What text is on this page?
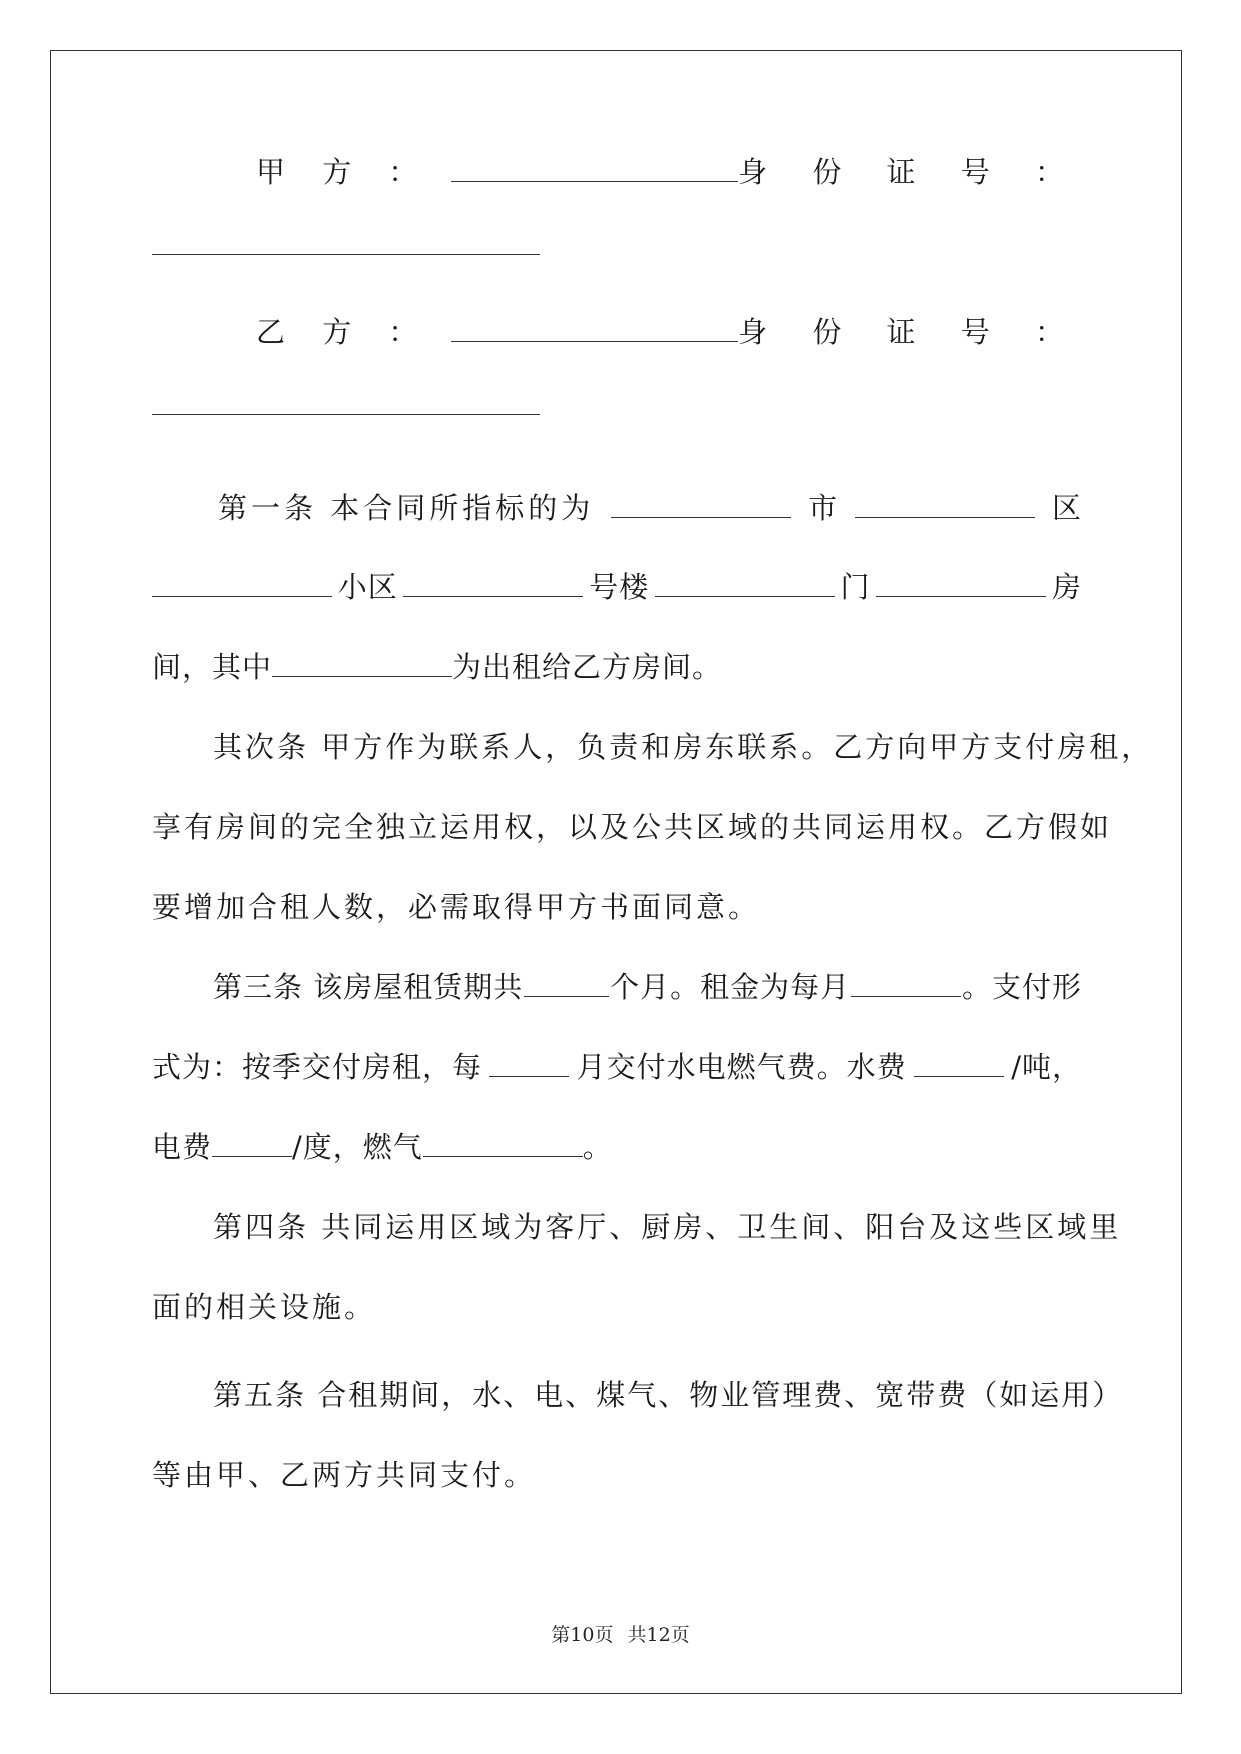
甲 方 ：	身 份 证 号 ：
乙 方 ：	身 份 证 号 ：
第一条 本合同所指标的为	市	区
小区	号楼	门	房
间，其中	为出租给乙方房间。
其次条 甲方作为联系人，负责和房东联系。乙方向甲方支付房租，
享有房间的完全独立运用权，以及公共区域的共同运用权。乙方假如
要增加合租人数，必需取得甲方书面同意。
第三条 该房屋租赁期共	个月。租金为每月	。支付形
式为：按季交付房租，每	月交付水电燃气费。水费	/吨，
电费	/度，燃气	。
第四条 共同运用区域为客厅、厨房、卫生间、阳台及这些区域里
面的相关设施。
第五条 合租期间，水、电、煤气、物业管理费、宽带费（如运用）
等由甲、乙两方共同支付。
第10页 共12页
